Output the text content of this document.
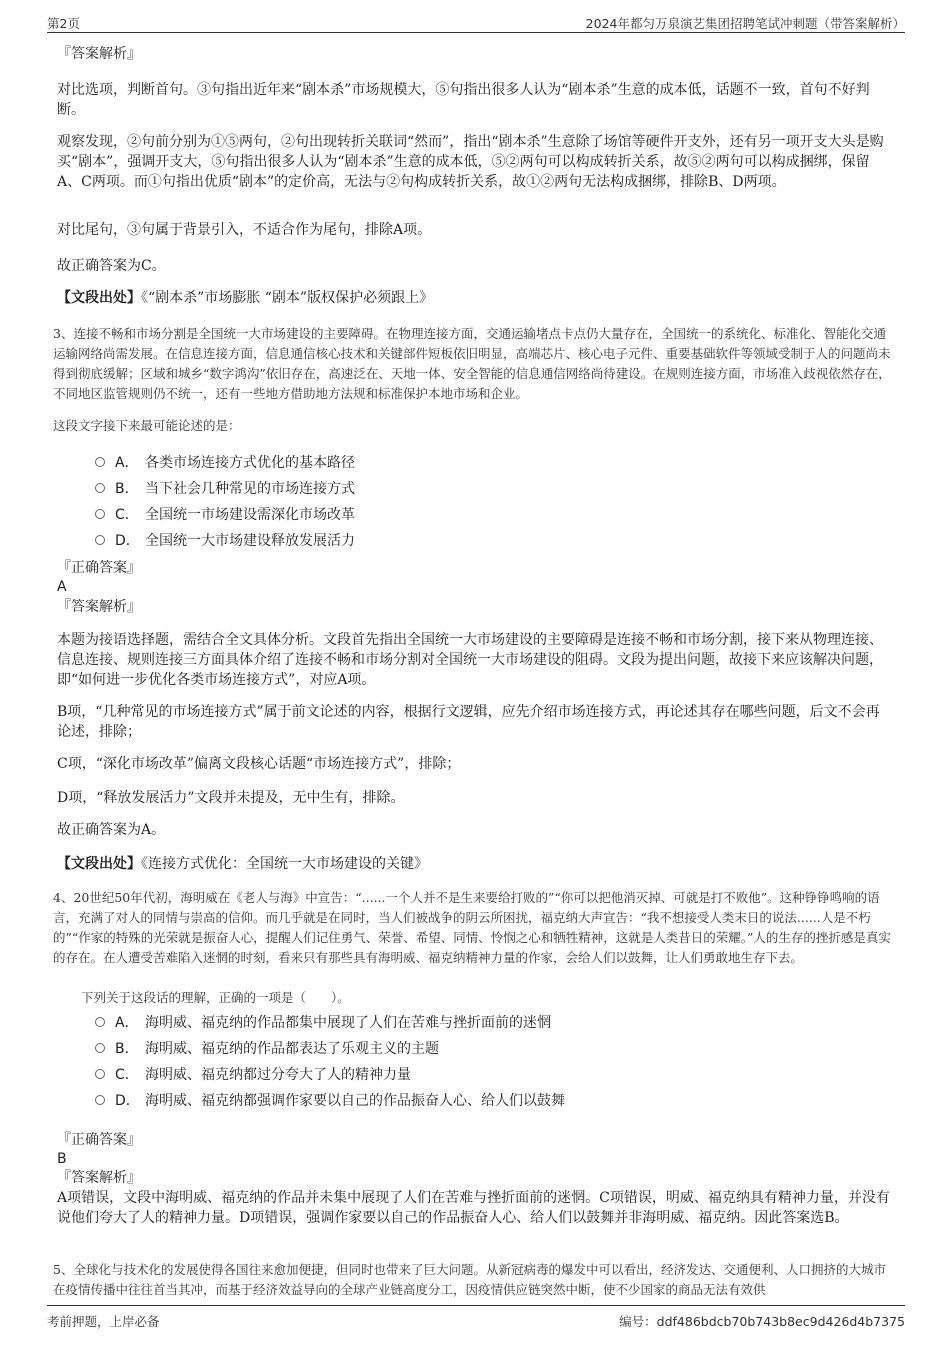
第2页	2024年都匀万泉演艺集团招聘笔试冲刺题（带答案解析）

『答案解析』

对比选项，判断首句。③句指出近年来“剧本杀”市场规模大，⑤句指出很多人认为“剧本杀”生意的成本低，话题不一致，首句不好判断。

观察发现，②句前分别为①⑤两句，②句出现转折关联词“然而”，指出“剧本杀”生意除了场馆等硬件开支外，还有另一项开支大头是购买“剧本”，强调开支大，⑤句指出很多人认为“剧本杀”生意的成本低，⑤②两句可以构成转折关系，故⑤②两句可以构成捆绑，保留A、C两项。而①句指出优质“剧本”的定价高，无法与②句构成转折关系，故①②两句无法构成捆绑，排除B、D两项。

对比尾句，③句属于背景引入，不适合作为尾句，排除A项。

故正确答案为C。

【文段出处】《“剧本杀”市场膨胀 “剧本”版权保护必须跟上》

3、连接不畅和市场分割是全国统一大市场建设的主要障碍。在物理连接方面，交通运输堵点卡点仍大量存在，全国统一的系统化、标准化、智能化交通运输网络尚需发展。在信息连接方面，信息通信核心技术和关键部件短板依旧明显，高端芯片、核心电子元件、重要基础软件等领域受制于人的问题尚未得到彻底缓解；区域和城乡“数字鸿沟”依旧存在，高速泛在、天地一体、安全智能的信息通信网络尚待建设。在规则连接方面，市场准入歧视依然存在，不同地区监管规则仍不统一，还有一些地方借助地方法规和标准保护本地市场和企业。

这段文字接下来最可能论述的是：

A． 各类市场连接方式优化的基本路径
B． 当下社会几种常见的市场连接方式
C． 全国统一市场建设需深化市场改革
D． 全国统一大市场建设释放发展活力

『正确答案』

A

『答案解析』

本题为接语选择题，需结合全文具体分析。文段首先指出全国统一大市场建设的主要障碍是连接不畅和市场分割，接下来从物理连接、信息连接、规则连接三方面具体介绍了连接不畅和市场分割对全国统一大市场建设的阻碍。文段为提出问题，故接下来应该解决问题，即“如何进一步优化各类市场连接方式”，对应A项。

B项，“几种常见的市场连接方式”属于前文论述的内容，根据行文逻辑，应先介绍市场连接方式，再论述其存在哪些问题，后文不会再论述，排除；

C项，“深化市场改革”偏离文段核心话题“市场连接方式”，排除；

D项，“释放发展活力”文段并未提及，无中生有，排除。

故正确答案为A。

【文段出处】《连接方式优化：全国统一大市场建设的关键》

4、20世纪50年代初，海明威在《老人与海》中宣告：“......一个人并不是生来要给打败的”“你可以把他消灭掉、可就是打不败他”。这种铮铮鸣响的语言，充满了对人的同情与崇高的信仰。而几乎就是在同时，当人们被战争的阴云所困扰，福克纳大声宣告：“我不想接受人类末日的说法......人是不朽的”“作家的特殊的光荣就是振奋人心，提醒人们记住勇气、荣誉、希望、同情、怜悯之心和牺牲精神，这就是人类昔日的荣耀。”人的生存的挫折感是真实的存在。在人遭受苦难陷入迷惘的时刻，看来只有那些具有海明威、福克纳精神力量的作家，会给人们以鼓舞，让人们勇敢地生存下去。

下列关于这段话的理解，正确的一项是（　　）。

A． 海明威、福克纳的作品都集中展现了人们在苦难与挫折面前的迷惘
B． 海明威、福克纳的作品都表达了乐观主义的主题
C． 海明威、福克纳都过分夸大了人的精神力量
D． 海明威、福克纳都强调作家要以自己的作品振奋人心、给人们以鼓舞

『正确答案』

B

『答案解析』

A项错误，文段中海明威、福克纳的作品并未集中展现了人们在苦难与挫折面前的迷惘。C项错误，明威、福克纳具有精神力量，并没有说他们夸大了人的精神力量。D项错误，强调作家要以自己的作品振奋人心、给人们以鼓舞并非海明威、福克纳。因此答案选B。

5、全球化与技术化的发展使得各国往来愈加便捷，但同时也带来了巨大问题。从新冠病毒的爆发中可以看出，经济发达、交通便利、人口拥挤的大城市在疫情传播中往往首当其冲，而基于经济效益导向的全球产业链高度分工，因疫情供应链突然中断，使不少国家的商品无法有效供

考前押题，上岸必备	编号：ddf486bdcb70b743b8ec9d426d4b7375
